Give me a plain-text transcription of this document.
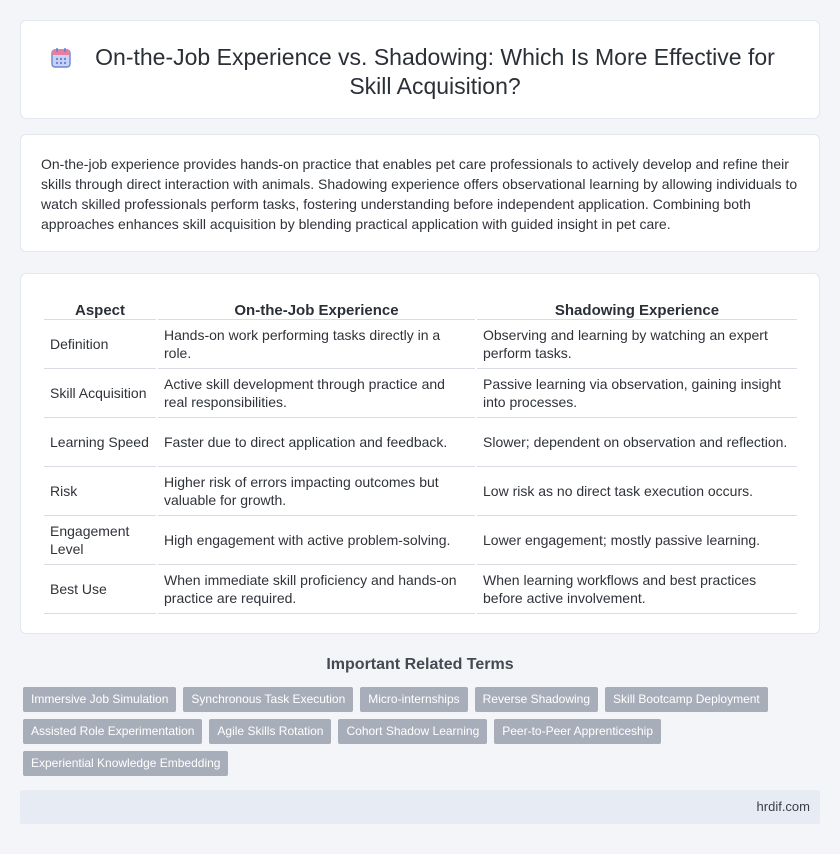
On-the-Job Experience vs. Shadowing: Which Is More Effective for Skill Acquisition?

On-the-job experience provides hands-on practice that enables pet care professionals to actively develop and refine their skills through direct interaction with animals. Shadowing experience offers observational learning by allowing individuals to watch skilled professionals perform tasks, fostering understanding before independent application. Combining both approaches enhances skill acquisition by blending practical application with guided insight in pet care.

Aspect	On-the-Job Experience	Shadowing Experience
Definition	Hands-on work performing tasks directly in a role.	Observing and learning by watching an expert perform tasks.
Skill Acquisition	Active skill development through practice and real responsibilities.	Passive learning via observation, gaining insight into processes.
Learning Speed	Faster due to direct application and feedback.	Slower; dependent on observation and reflection.
Risk	Higher risk of errors impacting outcomes but valuable for growth.	Low risk as no direct task execution occurs.
Engagement Level	High engagement with active problem-solving.	Lower engagement; mostly passive learning.
Best Use	When immediate skill proficiency and hands-on practice are required.	When learning workflows and best practices before active involvement.
Important Related Terms
Immersive Job Simulation	Synchronous Task Execution	Micro-internships	Reverse Shadowing	Skill Bootcamp Deployment
Assisted Role Experimentation	Agile Skills Rotation	Cohort Shadow Learning	Peer-to-Peer Apprenticeship
Experiential Knowledge Embedding
hrdif.com
